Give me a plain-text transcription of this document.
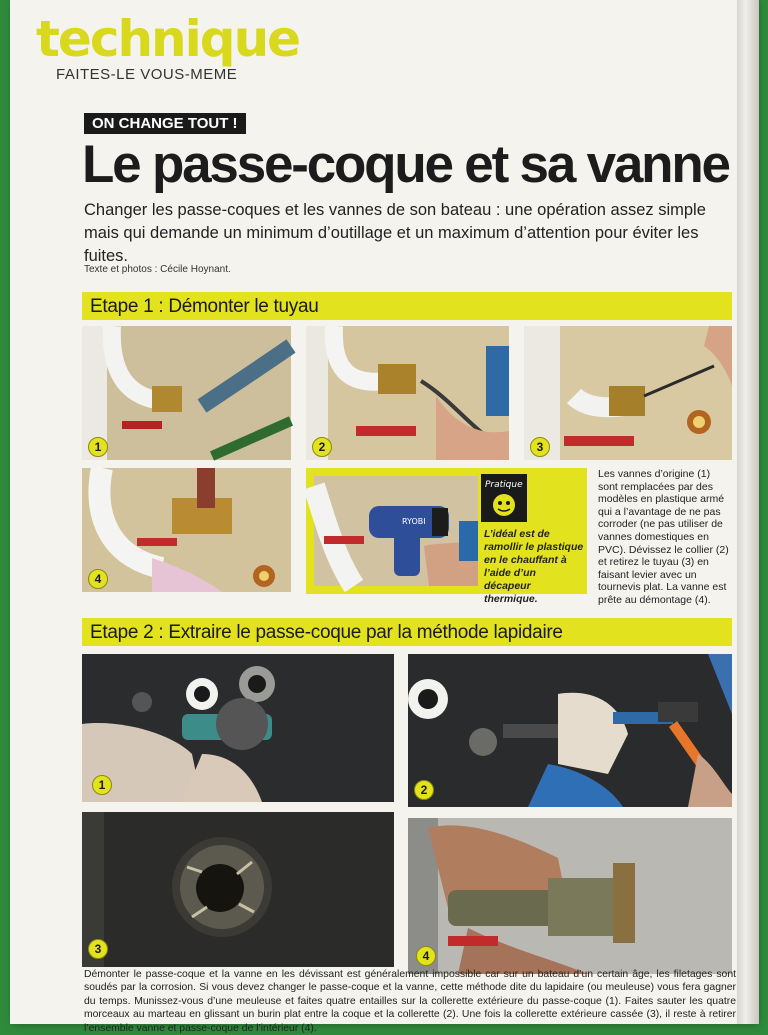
technique
FAITES-LE VOUS-MEME
ON CHANGE TOUT !
Le passe-coque et sa vanne
Changer les passe-coques et les vannes de son bateau : une opération assez simple mais qui demande un minimum d’outillage et un maximum d’attention pour éviter les fuites.
Texte et photos : Cécile Hoynant.
Etape 1 : Démonter le tuyau
1	2	3
4
RYOBI
Pratique
L’idéal est de ramollir le plastique en le chauffant à l’aide d’un décapeur thermique.
Les vannes d’origine (1) sont remplacées par des modèles en plastique armé qui a l’avantage de ne pas corroder (ne pas utiliser de vannes domestiques en PVC). Dévissez le collier (2) et retirez le tuyau (3) en faisant levier avec un tournevis plat. La vanne est prête au démontage (4).
Etape 2 : Extraire le passe-coque par la méthode lapidaire
1	2
3	4
Démonter le passe-coque et la vanne en les dévissant est généralement impossible car sur un bateau d’un certain âge, les filetages sont soudés par la corrosion. Si vous devez changer le passe-coque et la vanne, cette méthode dite du lapidaire (ou meuleuse) vous fera gagner du temps. Munissez-vous d’une meuleuse et faites quatre entailles sur la collerette extérieure du passe-coque (1). Faites sauter les quatre morceaux au marteau en glissant un burin plat entre la coque et la collerette (2). Une fois la collerette extérieure cassée (3), il reste à retirer l’ensemble vanne et passe-coque de l’intérieur (4).
